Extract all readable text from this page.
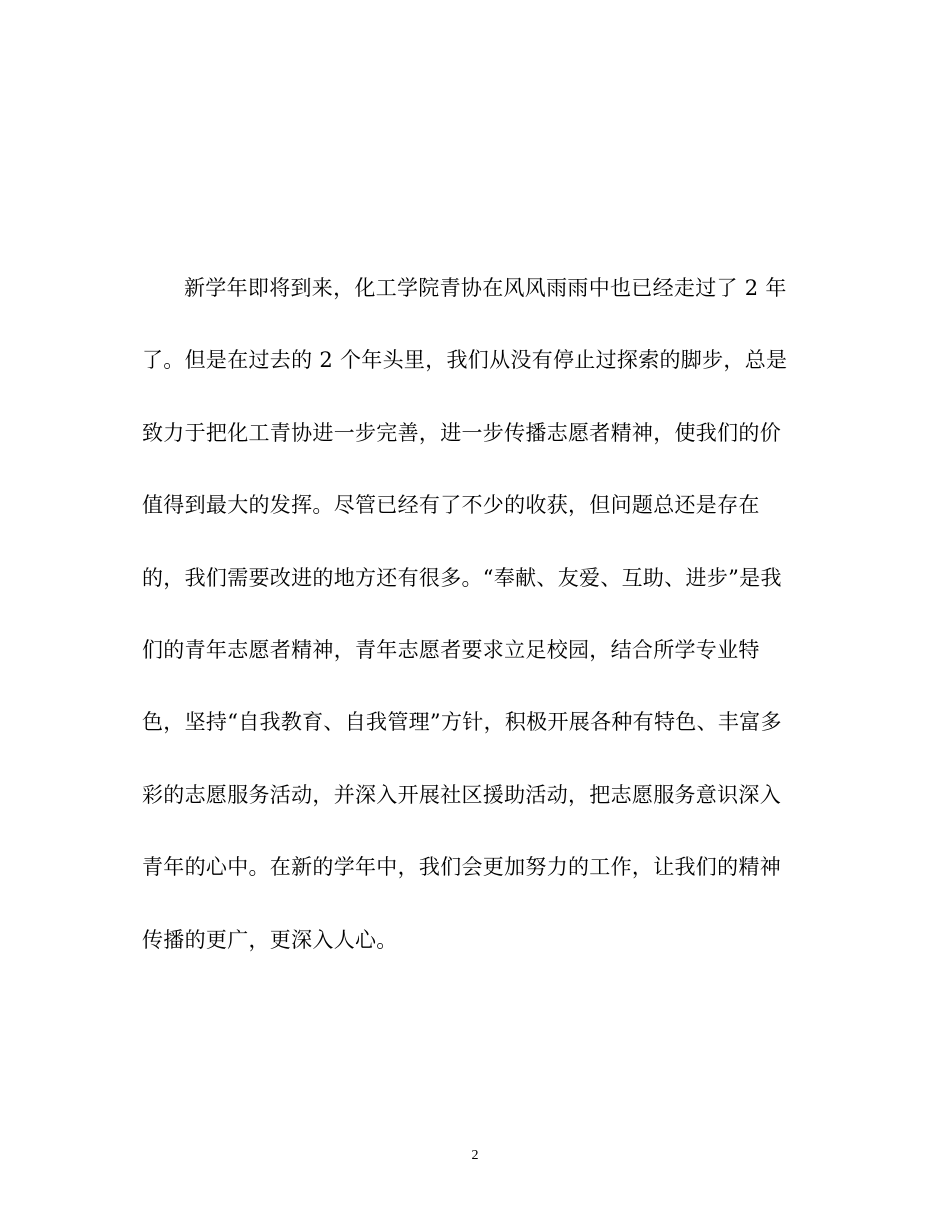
新学年即将到来，化工学院青协在风风雨雨中也已经走过了 2 年
了。但是在过去的 2 个年头里，我们从没有停止过探索的脚步，总是
致力于把化工青协进一步完善，进一步传播志愿者精神，使我们的价
值得到最大的发挥。尽管已经有了不少的收获，但问题总还是存在
的，我们需要改进的地方还有很多。“奉献、友爱、互助、进步”是我
们的青年志愿者精神，青年志愿者要求立足校园，结合所学专业特
色，坚持“自我教育、自我管理”方针，积极开展各种有特色、丰富多
彩的志愿服务活动，并深入开展社区援助活动，把志愿服务意识深入
青年的心中。在新的学年中，我们会更加努力的工作，让我们的精神
传播的更广，更深入人心。
2
